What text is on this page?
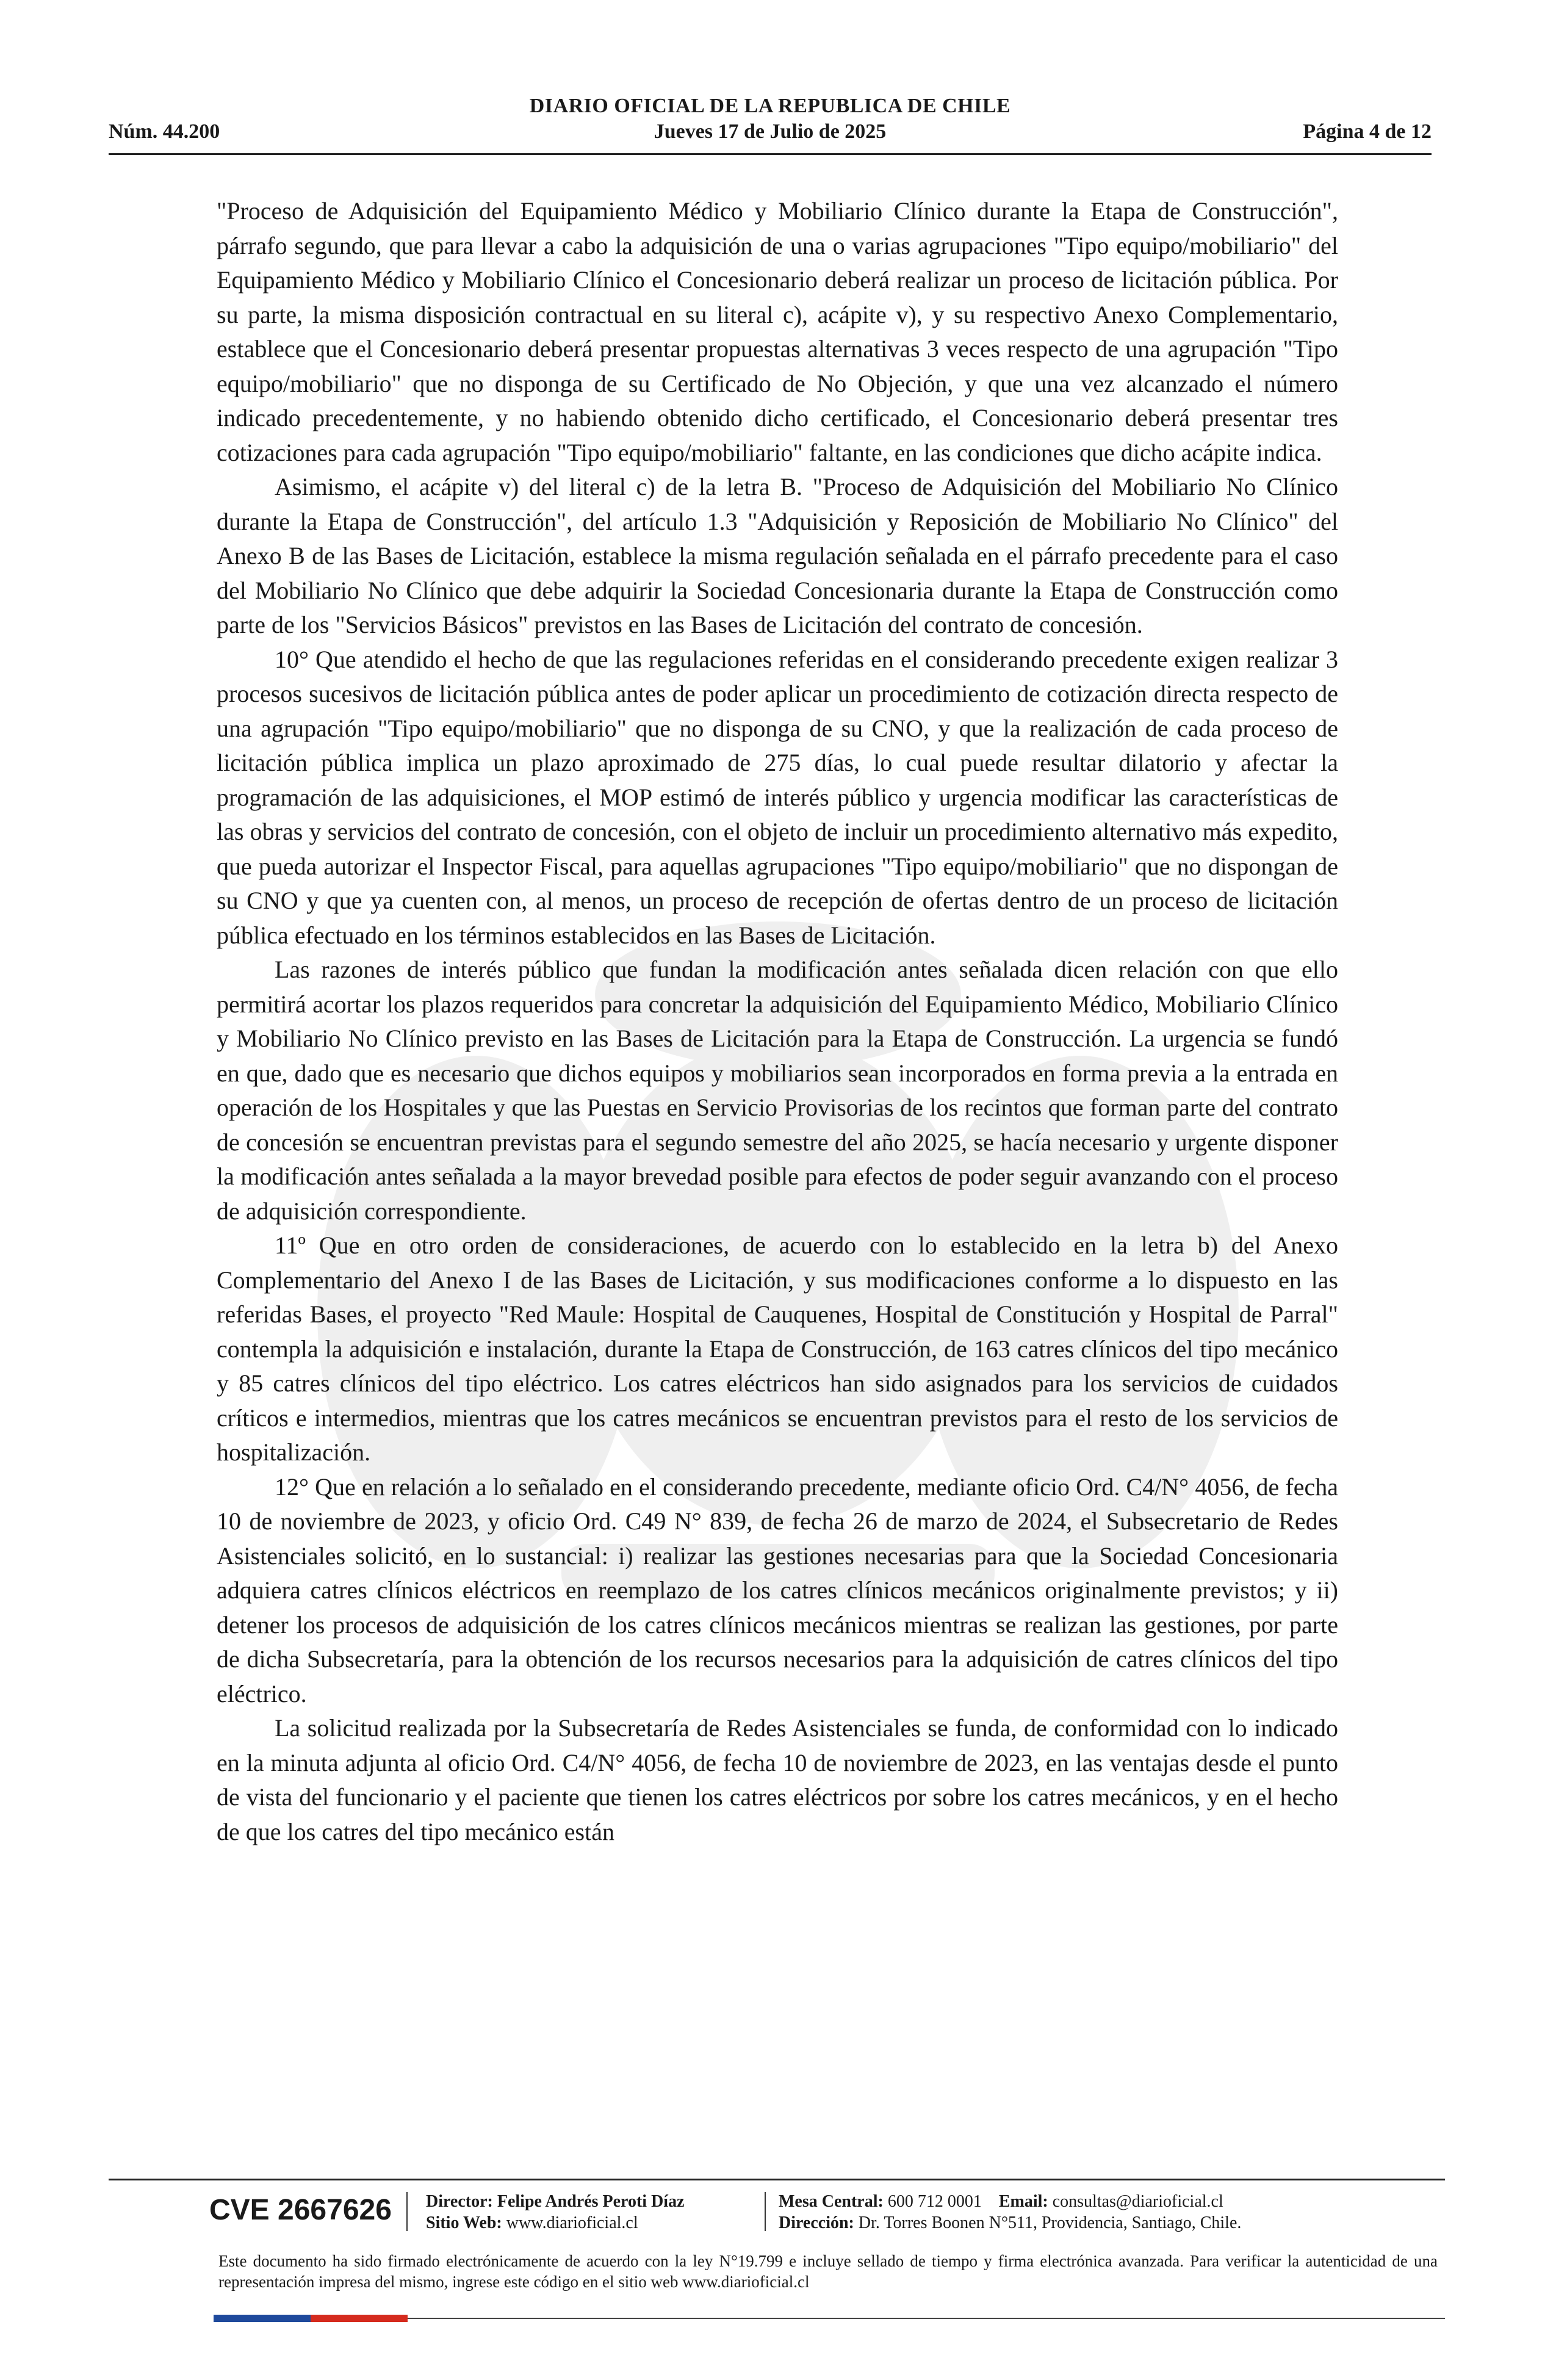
DIARIO OFICIAL DE LA REPUBLICA DE CHILE
Núm. 44.200	Jueves 17 de Julio de 2025	Página 4 de 12

"Proceso de Adquisición del Equipamiento Médico y Mobiliario Clínico durante la Etapa de Construcción", párrafo segundo, que para llevar a cabo la adquisición de una o varias agrupaciones "Tipo equipo/mobiliario" del Equipamiento Médico y Mobiliario Clínico el Concesionario deberá realizar un proceso de licitación pública. Por su parte, la misma disposición contractual en su literal c), acápite v), y su respectivo Anexo Complementario, establece que el Concesionario deberá presentar propuestas alternativas 3 veces respecto de una agrupación "Tipo equipo/mobiliario" que no disponga de su Certificado de No Objeción, y que una vez alcanzado el número indicado precedentemente, y no habiendo obtenido dicho certificado, el Concesionario deberá presentar tres cotizaciones para cada agrupación "Tipo equipo/mobiliario" faltante, en las condiciones que dicho acápite indica.

Asimismo, el acápite v) del literal c) de la letra B. "Proceso de Adquisición del Mobiliario No Clínico durante la Etapa de Construcción", del artículo 1.3 "Adquisición y Reposición de Mobiliario No Clínico" del Anexo B de las Bases de Licitación, establece la misma regulación señalada en el párrafo precedente para el caso del Mobiliario No Clínico que debe adquirir la Sociedad Concesionaria durante la Etapa de Construcción como parte de los "Servicios Básicos" previstos en las Bases de Licitación del contrato de concesión.

10° Que atendido el hecho de que las regulaciones referidas en el considerando precedente exigen realizar 3 procesos sucesivos de licitación pública antes de poder aplicar un procedimiento de cotización directa respecto de una agrupación "Tipo equipo/mobiliario" que no disponga de su CNO, y que la realización de cada proceso de licitación pública implica un plazo aproximado de 275 días, lo cual puede resultar dilatorio y afectar la programación de las adquisiciones, el MOP estimó de interés público y urgencia modificar las características de las obras y servicios del contrato de concesión, con el objeto de incluir un procedimiento alternativo más expedito, que pueda autorizar el Inspector Fiscal, para aquellas agrupaciones "Tipo equipo/mobiliario" que no dispongan de su CNO y que ya cuenten con, al menos, un proceso de recepción de ofertas dentro de un proceso de licitación pública efectuado en los términos establecidos en las Bases de Licitación.

Las razones de interés público que fundan la modificación antes señalada dicen relación con que ello permitirá acortar los plazos requeridos para concretar la adquisición del Equipamiento Médico, Mobiliario Clínico y Mobiliario No Clínico previsto en las Bases de Licitación para la Etapa de Construcción. La urgencia se fundó en que, dado que es necesario que dichos equipos y mobiliarios sean incorporados en forma previa a la entrada en operación de los Hospitales y que las Puestas en Servicio Provisorias de los recintos que forman parte del contrato de concesión se encuentran previstas para el segundo semestre del año 2025, se hacía necesario y urgente disponer la modificación antes señalada a la mayor brevedad posible para efectos de poder seguir avanzando con el proceso de adquisición correspondiente.

11º Que en otro orden de consideraciones, de acuerdo con lo establecido en la letra b) del Anexo Complementario del Anexo I de las Bases de Licitación, y sus modificaciones conforme a lo dispuesto en las referidas Bases, el proyecto "Red Maule: Hospital de Cauquenes, Hospital de Constitución y Hospital de Parral" contempla la adquisición e instalación, durante la Etapa de Construcción, de 163 catres clínicos del tipo mecánico y 85 catres clínicos del tipo eléctrico. Los catres eléctricos han sido asignados para los servicios de cuidados críticos e intermedios, mientras que los catres mecánicos se encuentran previstos para el resto de los servicios de hospitalización.

12° Que en relación a lo señalado en el considerando precedente, mediante oficio Ord. C4/N° 4056, de fecha 10 de noviembre de 2023, y oficio Ord. C49 N° 839, de fecha 26 de marzo de 2024, el Subsecretario de Redes Asistenciales solicitó, en lo sustancial: i) realizar las gestiones necesarias para que la Sociedad Concesionaria adquiera catres clínicos eléctricos en reemplazo de los catres clínicos mecánicos originalmente previstos; y ii) detener los procesos de adquisición de los catres clínicos mecánicos mientras se realizan las gestiones, por parte de dicha Subsecretaría, para la obtención de los recursos necesarios para la adquisición de catres clínicos del tipo eléctrico.

La solicitud realizada por la Subsecretaría de Redes Asistenciales se funda, de conformidad con lo indicado en la minuta adjunta al oficio Ord. C4/N° 4056, de fecha 10 de noviembre de 2023, en las ventajas desde el punto de vista del funcionario y el paciente que tienen los catres eléctricos por sobre los catres mecánicos, y en el hecho de que los catres del tipo mecánico están

CVE 2667626 Director: Felipe Andrés Peroti Díaz
Sitio Web: www.diarioficial.cl
Mesa Central: 600 712 0001 Email: consultas@diarioficial.cl
Dirección: Dr. Torres Boonen N°511, Providencia, Santiago, Chile.
Este documento ha sido firmado electrónicamente de acuerdo con la ley N°19.799 e incluye sellado de tiempo y firma electrónica avanzada. Para verificar la autenticidad de una representación impresa del mismo, ingrese este código en el sitio web www.diarioficial.cl
